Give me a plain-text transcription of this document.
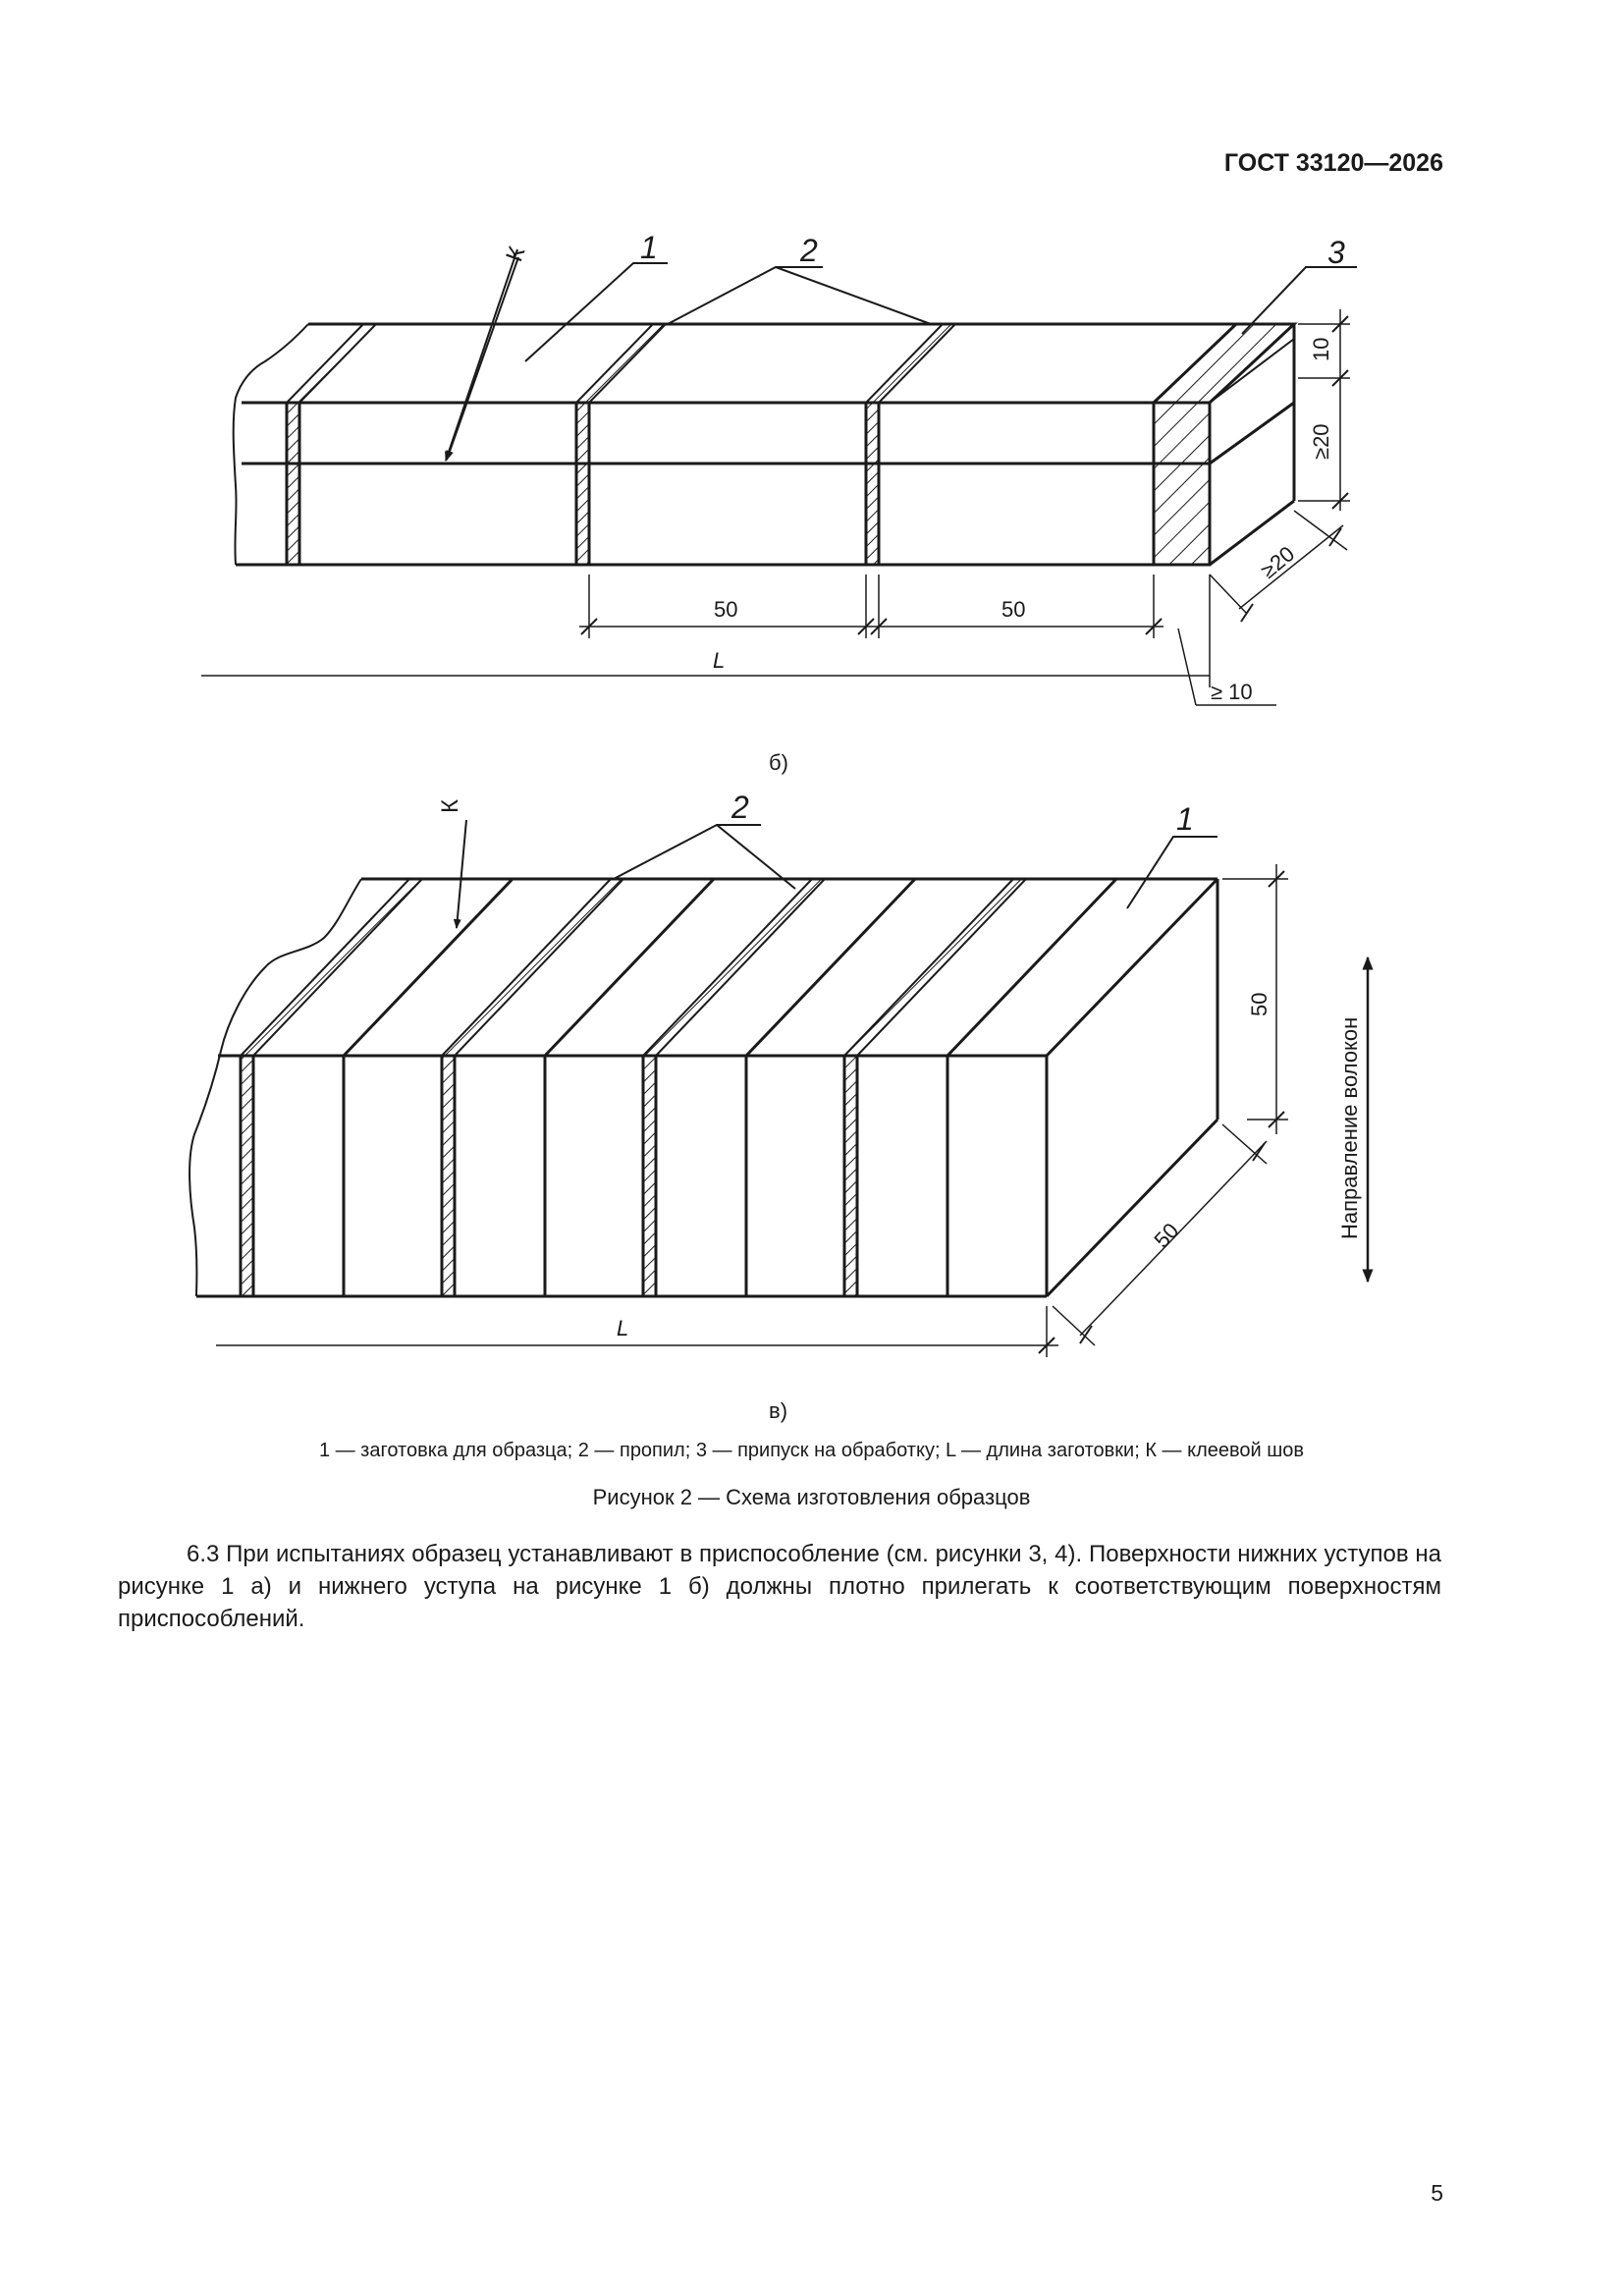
ГОСТ 33120—2026
К	1	2	3
50	50
L
≥ 10
10
≥20
≥20
б)
К	2	1
50
50
L
Направление волокон
в)
1 — заготовка для образца; 2 — пропил; 3 — припуск на обработку; L — длина заготовки; К — клеевой шов
Рисунок 2 — Схема изготовления образцов
6.3 При испытаниях образец устанавливают в приспособление (см. рисунки 3, 4). Поверхности нижних уступов на рисунке 1 а) и нижнего уступа на рисунке 1 б) должны плотно прилегать к соответствующим поверхностям приспособлений.
5
